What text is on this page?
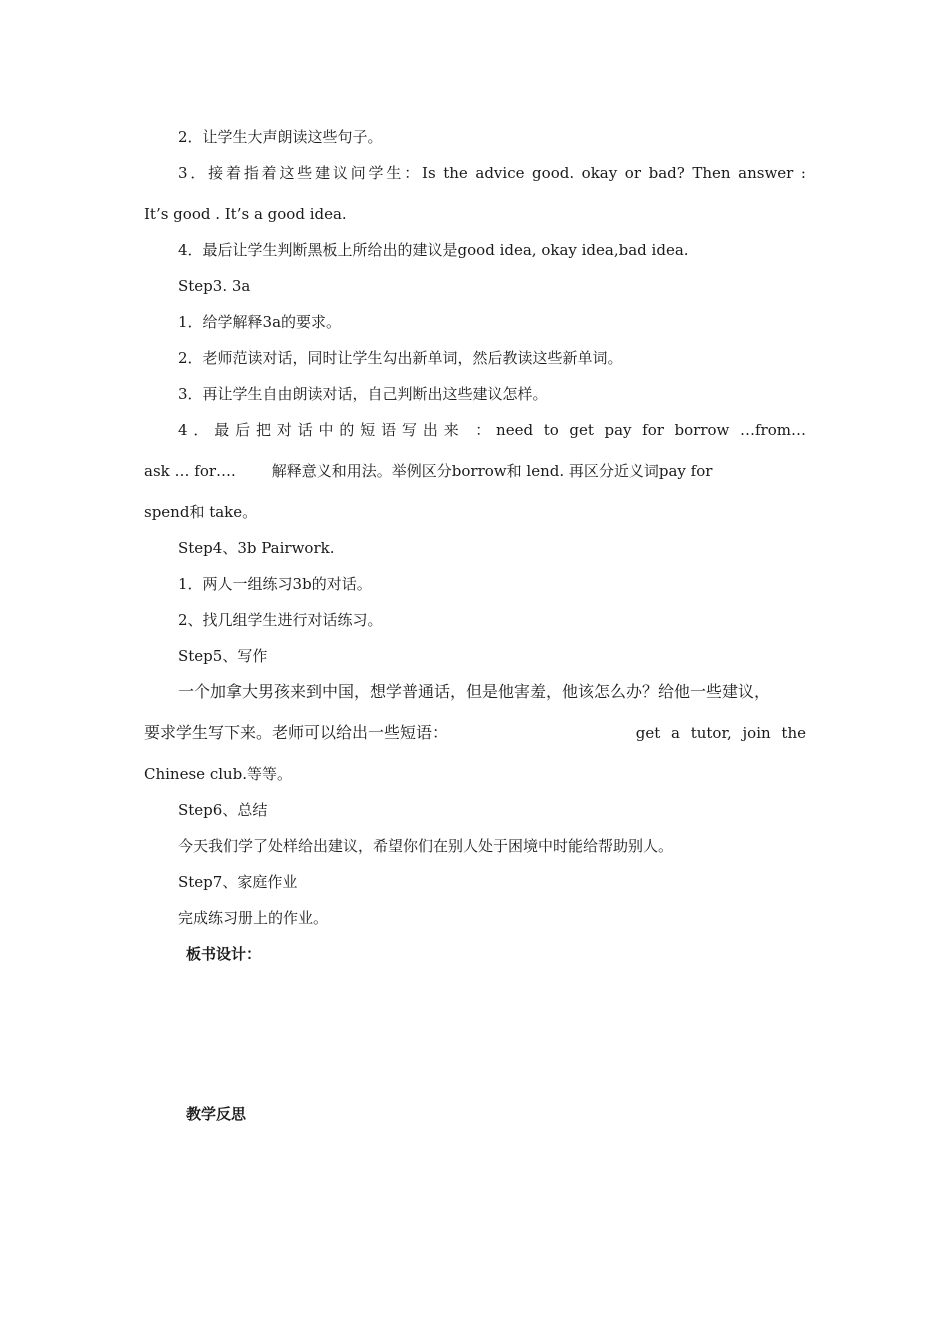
2．让学生大声朗读这些句子。
3．接着指着这些建议问学生：Is the advice good. okay or bad? Then answer :
It’s good . It’s a good idea.
4．最后让学生判断黑板上所给出的建议是good idea, okay idea,bad idea.
Step3. 3a
1．给学解释3a的要求。
2．老师范读对话，同时让学生勾出新单词，然后教读这些新单词。
3．再让学生自由朗读对话，自己判断出这些建议怎样。
4．最后把对话中的短语写出来 ：need to get pay for borrow …from…
ask … for…. 解释意义和用法。举例区分borrow和 lend. 再区分近义词pay for
spend和 take。
Step4、3b Pairwork.
1．两人一组练习3b的对话。
2、找几组学生进行对话练习。
Step5、写作
一个加拿大男孩来到中国，想学普通话，但是他害羞，他该怎么办？给他一些建议，
要求学生写下来。老师可以给出一些短语：	get a tutor, join the
Chinese club.等等。
Step6、总结
今天我们学了处样给出建议，希望你们在别人处于困境中时能给帮助别人。
Step7、家庭作业
完成练习册上的作业。
板书设计：
教学反思
